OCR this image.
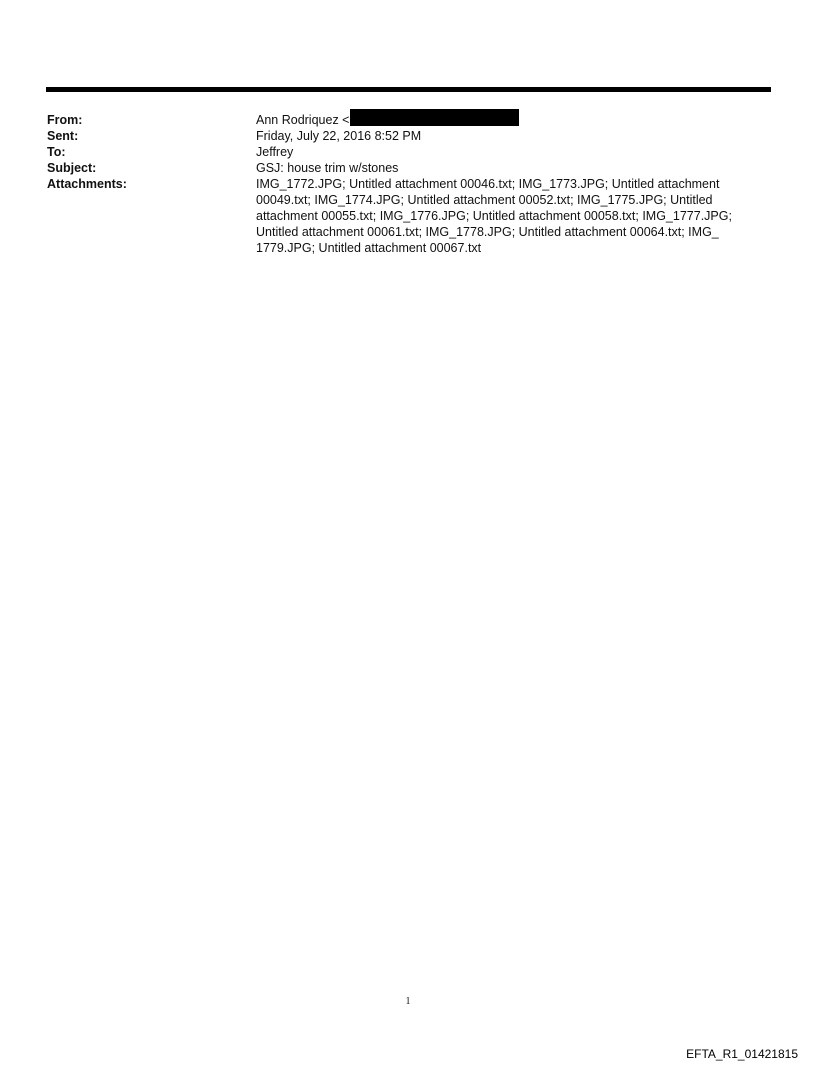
From:	Ann Rodriquez <
Sent:	Friday, July 22, 2016 8:52 PM
To:	Jeffrey
Subject:	GSJ: house trim w/stones
Attachments:	IMG_1772.JPG; Untitled attachment 00046.txt; IMG_1773.JPG; Untitled attachment 00049.txt; IMG_1774.JPG; Untitled attachment 00052.txt; IMG_1775.JPG; Untitled attachment 00055.txt; IMG_1776.JPG; Untitled attachment 00058.txt; IMG_1777.JPG; Untitled attachment 00061.txt; IMG_1778.JPG; Untitled attachment 00064.txt; IMG_ 1779.JPG; Untitled attachment 00067.txt
1
EFTA_R1_01421815
